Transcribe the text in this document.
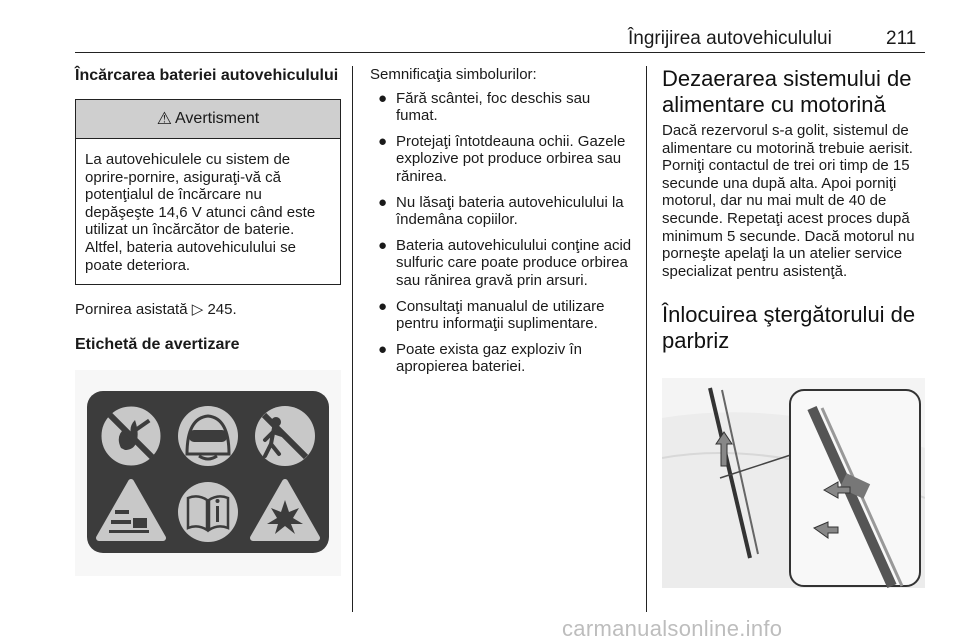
Îngrijirea autovehiculului	211
Încărcarea bateriei autovehiculului
⚠ Avertisment
La autovehiculele cu sistem de oprire-pornire, asiguraţi-vă că potenţialul de încărcare nu depăşeşte 14,6 V atunci când este utilizat un încărcător de baterie. Altfel, bateria autovehiculului se poate deteriora.
Pornirea asistată ▷ 245.
Etichetă de avertizare
Semnificaţia simbolurilor:
● Fără scântei, foc deschis sau fumat.
● Protejaţi întotdeauna ochii. Gazele explozive pot produce orbirea sau rănirea.
● Nu lăsaţi bateria autovehiculului la îndemâna copiilor.
● Bateria autovehiculului conţine acid sulfuric care poate produce orbirea sau rănirea gravă prin arsuri.
● Consultaţi manualul de utilizare pentru informaţii suplimentare.
● Poate exista gaz exploziv în apropierea bateriei.
Dezaerarea sistemului de alimentare cu motorină
Dacă rezervorul s-a golit, sistemul de alimentare cu motorină trebuie aerisit. Porniţi contactul de trei ori timp de 15 secunde una după alta. Apoi porniţi motorul, dar nu mai mult de 40 de secunde. Repetaţi acest proces după minimum 5 secunde. Dacă motorul nu porneşte apelaţi la un atelier service specializat pentru asistenţă.
Înlocuirea ştergătorului de parbriz
carmanualsonline.info
